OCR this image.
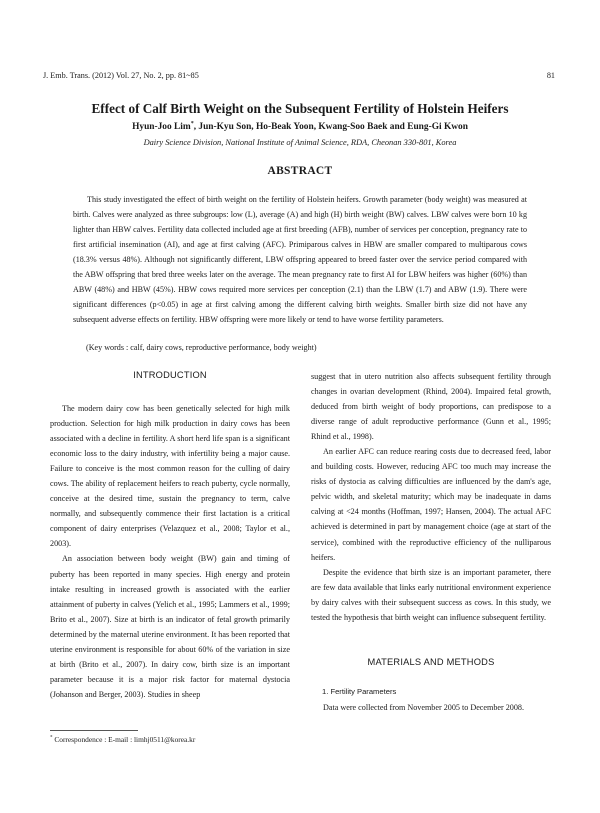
J. Emb. Trans. (2012) Vol. 27, No. 2, pp. 81~85	81
Effect of Calf Birth Weight on the Subsequent Fertility of Holstein Heifers
Hyun-Joo Lim*, Jun-Kyu Son, Ho-Beak Yoon, Kwang-Soo Baek and Eung-Gi Kwon
Dairy Science Division, National Institute of Animal Science, RDA, Cheonan 330-801, Korea
ABSTRACT

This study investigated the effect of birth weight on the fertility of Holstein heifers. Growth parameter (body weight) was measured at birth. Calves were analyzed as three subgroups: low (L), average (A) and high (H) birth weight (BW) calves. LBW calves were born 10 kg lighter than HBW calves. Fertility data collected included age at first breeding (AFB), number of services per conception, pregnancy rate to first artificial insemination (AI), and age at first calving (AFC). Primiparous calves in HBW are smaller compared to multiparous cows (18.3% versus 48%). Although not significantly different, LBW offspring appeared to breed faster over the service period compared with the ABW offspring that bred three weeks later on the average. The mean pregnancy rate to first AI for LBW heifers was higher (60%) than ABW (48%) and HBW (45%). HBW cows required more services per conception (2.1) than the LBW (1.7) and ABW (1.9). There were significant differences (p<0.05) in age at first calving among the different calving birth weights. Smaller birth size did not have any subsequent adverse effects on fertility. HBW offspring were more likely or tend to have worse fertility parameters.

(Key words : calf, dairy cows, reproductive performance, body weight)
INTRODUCTION

The modern dairy cow has been genetically selected for high milk production. Selection for high milk production in dairy cows has been associated with a decline in fertility. A short herd life span is a significant economic loss to the dairy industry, with infertility being a major cause. Failure to conceive is the most common reason for the culling of dairy cows. The ability of replacement heifers to reach puberty, cycle normally, conceive at the desired time, sustain the pregnancy to term, calve normally, and subsequently commence their first lactation is a critical component of dairy enterprises (Velazquez et al., 2008; Taylor et al., 2003).

An association between body weight (BW) gain and timing of puberty has been reported in many species. High energy and protein intake resulting in increased growth is associated with the earlier attainment of puberty in calves (Yelich et al., 1995; Lammers et al., 1999; Brito et al., 2007). Size at birth is an indicator of fetal growth primarily determined by the maternal uterine environment. It has been reported that uterine environment is responsible for about 60% of the variation in size at birth (Brito et al., 2007). In dairy cow, birth size is an important parameter because it is a major risk factor for maternal dystocia (Johanson and Berger, 2003). Studies in sheep

suggest that in utero nutrition also affects subsequent fertility through changes in ovarian development (Rhind, 2004). Impaired fetal growth, deduced from birth weight of body proportions, can predispose to a diverse range of adult reproductive performance (Gunn et al., 1995; Rhind et al., 1998).

An earlier AFC can reduce rearing costs due to decreased feed, labor and building costs. However, reducing AFC too much may increase the risks of dystocia as calving difficulties are influenced by the dam's age, pelvic width, and skeletal maturity; which may be inadequate in dams calving at <24 months (Hoffman, 1997; Hansen, 2004). The actual AFC achieved is determined in part by management choice (age at start of the service), combined with the reproductive efficiency of the nulliparous heifers.

Despite the evidence that birth size is an important parameter, there are few data available that links early nutritional environment experience by dairy calves with their subsequent success as cows. In this study, we tested the hypothesis that birth weight can influence subsequent fertility.

MATERIALS AND METHODS
1. Fertility Parameters
Data were collected from November 2005 to December 2008.
* Correspondence : E-mail : limhj0511@korea.kr
